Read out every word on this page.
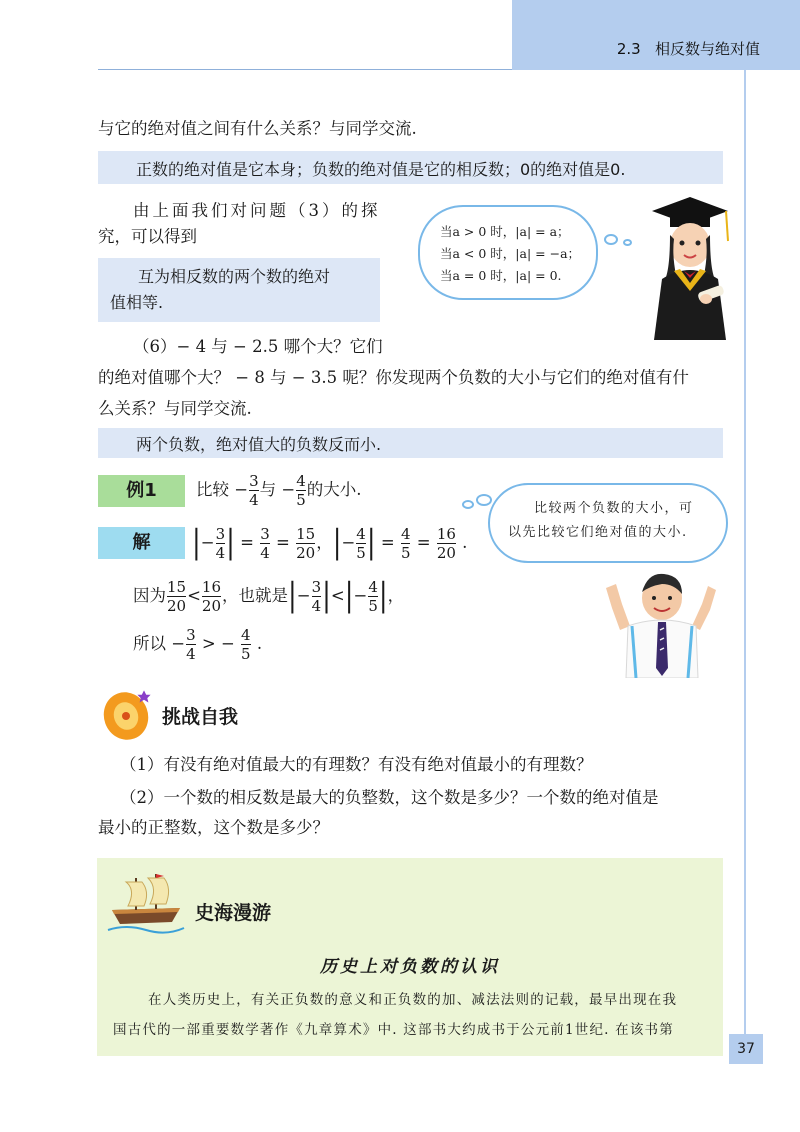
2.3 相反数与绝对值
与它的绝对值之间有什么关系？与同学交流.
正数的绝对值是它本身；负数的绝对值是它的相反数；0的绝对值是0.
由上面我们对问题（3）的探
究，可以得到	当a > 0 时，|a| = a；
当a < 0 时，|a| = −a；
当a = 0 时，|a| = 0.
互为相反数的两个数的绝对
值相等.
（6）− 4 与 − 2.5 哪个大？它们
的绝对值哪个大？ − 8 与 − 3.5 呢？你发现两个负数的大小与它们的绝对值有什
么关系？与同学交流.
两个负数，绝对值大的负数反而小.
例1	比较 − $\frac{3}{4}$ 与 − $\frac{4}{5}$ 的大小.
解	| − $\frac{3}{4}$ |
=
$\frac{3}{4}$
=
$\frac{15}{20}$ ， | − $\frac{4}{5}$ |
=
$\frac{4}{5}$
=
$\frac{16}{20}$
.
因为 $\frac{15}{20} < \frac{16}{20}$ ，也就是 | − $\frac{3}{4}$ | < | − $\frac{4}{5}$ | ，
所以
− $\frac{3}{4}$
>
−
$\frac{4}{5}$
.
比较两个负数的大小，可
以先比较它们绝对值的大小.
挑战自我
（1）有没有绝对值最大的有理数？有没有绝对值最小的有理数？
（2）一个数的相反数是最大的负整数，这个数是多少？一个数的绝对值是
最小的正整数，这个数是多少？
史海漫游
历史上对负数的认识
在人类历史上，有关正负数的意义和正负数的加、减法法则的记载，最早出现在我
国古代的一部重要数学著作《九章算术》中. 这部书大约成书于公元前1世纪. 在该书第
37
